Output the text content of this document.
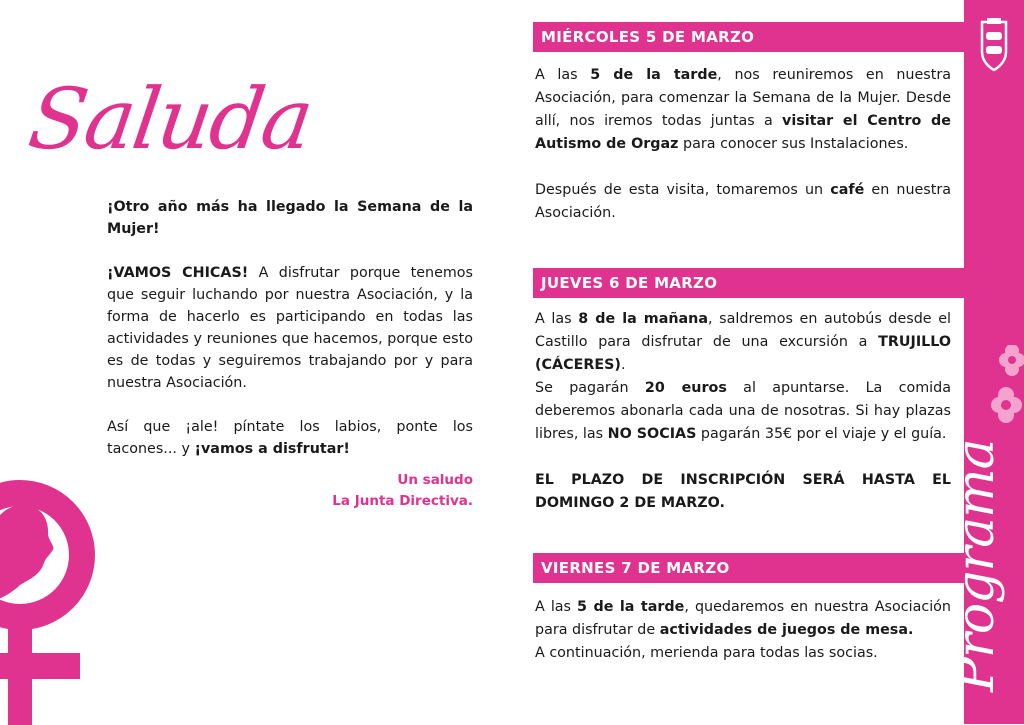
Saluda

¡Otro año más ha llegado la Semana de la Mujer!

¡VAMOS CHICAS! A disfrutar porque tenemos que seguir luchando por nuestra Asociación, y la forma de hacerlo es participando en todas las actividades y reuniones que hacemos, porque esto es de todas y seguiremos trabajando por y para nuestra Asociación.

Así que ¡ale! píntate los labios, ponte los tacones... y ¡vamos a disfrutar!

Un saludo
La Junta Directiva.
MIÉRCOLES 5 DE MARZO

A las 5 de la tarde, nos reuniremos en nuestra Asociación, para comenzar la Semana de la Mujer. Desde allí, nos iremos todas juntas a visitar el Centro de Autismo de Orgaz para conocer sus Instalaciones.

Después de esta visita, tomaremos un café en nuestra Asociación.

JUEVES 6 DE MARZO

A las 8 de la mañana, saldremos en autobús desde el Castillo para disfrutar de una excursión a TRUJILLO (CÁCERES).

Se pagarán 20 euros al apuntarse. La comida deberemos abonarla cada una de nosotras. Si hay plazas libres, las NO SOCIAS pagarán 35€ por el viaje y el guía.

EL PLAZO DE INSCRIPCIÓN SERÁ HASTA EL DOMINGO 2 DE MARZO.

VIERNES 7 DE MARZO

A las 5 de la tarde, quedaremos en nuestra Asociación para disfrutar de actividades de juegos de mesa.

A continuación, merienda para todas las socias.	Programa
